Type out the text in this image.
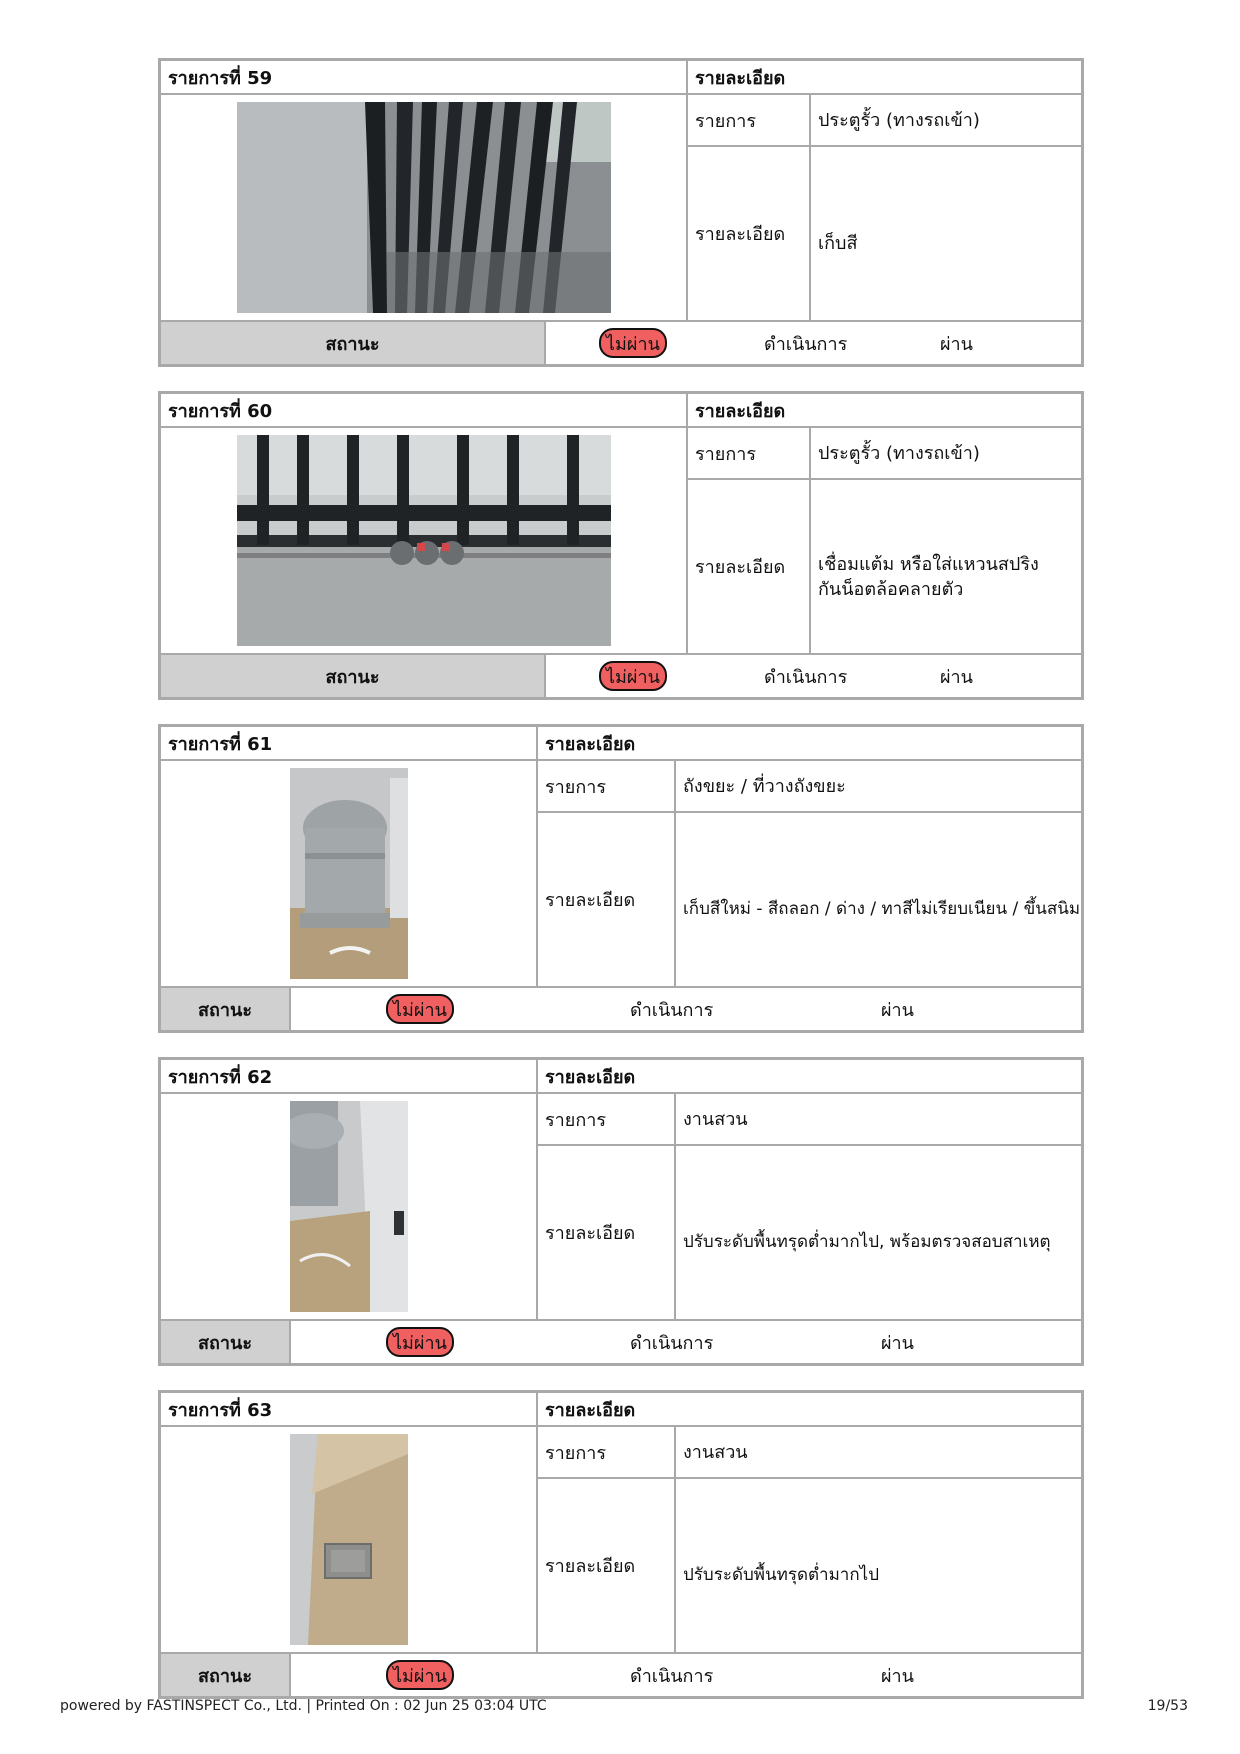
รายการที่ 59	รายละเอียด
รายการ	ประตูรั้ว (ทางรถเข้า)
รายละเอียด	เก็บสี
สถานะ	ไม่ผ่าน	ดำเนินการ	ผ่าน
รายการที่ 60	รายละเอียด
รายการ	ประตูรั้ว (ทางรถเข้า)
รายละเอียด	เชื่อมแต้ม หรือใส่แหวนสปริง กันน็อตล้อคลายตัว
สถานะ	ไม่ผ่าน	ดำเนินการ	ผ่าน
รายการที่ 61	รายละเอียด
รายการ	ถังขยะ / ที่วางถังขยะ
รายละเอียด	เก็บสีใหม่ - สีถลอก / ด่าง / ทาสีไม่เรียบเนียน / ขึ้นสนิม
สถานะ	ไม่ผ่าน	ดำเนินการ	ผ่าน
รายการที่ 62	รายละเอียด
รายการ	งานสวน
รายละเอียด	ปรับระดับพื้นทรุดต่ำมากไป, พร้อมตรวจสอบสาเหตุ
สถานะ	ไม่ผ่าน	ดำเนินการ	ผ่าน
รายการที่ 63	รายละเอียด
รายการ	งานสวน
รายละเอียด	ปรับระดับพื้นทรุดต่ำมากไป
สถานะ	ไม่ผ่าน	ดำเนินการ	ผ่าน
powered by FASTINSPECT Co., Ltd. | Printed On : 02 Jun 25 03:04 UTC	19/53
